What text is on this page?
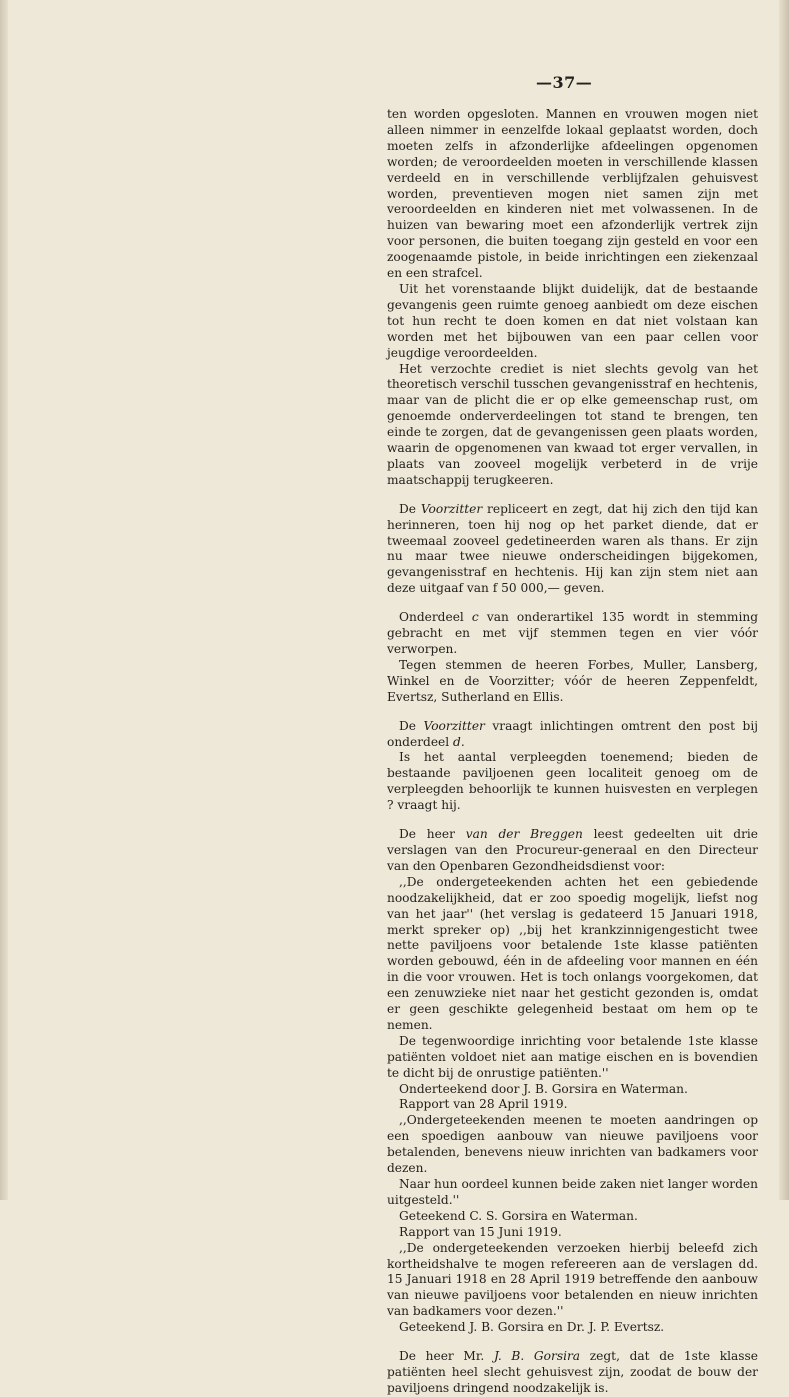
—37—

ten worden opgesloten. Mannen en vrouwen mogen niet alleen nimmer in eenzelfde lokaal geplaatst worden, doch moeten zelfs in afzonderlijke afdeelingen opgenomen worden; de veroordeelden moeten in verschillende klassen verdeeld en in verschillende verblijfzalen gehuisvest worden, preventieven mogen niet samen zijn met veroordeelden en kinderen niet met volwassenen. In de huizen van bewaring moet een afzonderlijk vertrek zijn voor personen, die buiten toegang zijn gesteld en voor een zoogenaamde pistole, in beide inrichtingen een ziekenzaal en een strafcel.

Uit het vorenstaande blijkt duidelijk, dat de bestaande gevangenis geen ruimte genoeg aanbiedt om deze eischen tot hun recht te doen komen en dat niet volstaan kan worden met het bijbouwen van een paar cellen voor jeugdige veroordeelden.

Het verzochte crediet is niet slechts gevolg van het theoretisch verschil tusschen gevangenisstraf en hechtenis, maar van de plicht die er op elke gemeenschap rust, om genoemde onderverdeelingen tot stand te brengen, ten einde te zorgen, dat de gevangenissen geen plaats worden, waarin de opgenomenen van kwaad tot erger vervallen, in plaats van zooveel mogelijk verbeterd in de vrije maatschappij terugkeeren.

De Voorzitter repliceert en zegt, dat hij zich den tijd kan herinneren, toen hij nog op het parket diende, dat er tweemaal zooveel gedetineerden waren als thans. Er zijn nu maar twee nieuwe onderscheidingen bijgekomen, gevangenisstraf en hechtenis. Hij kan zijn stem niet aan deze uitgaaf van f 50 000,— geven.

Onderdeel c van onderartikel 135 wordt in stemming gebracht en met vijf stemmen tegen en vier vóór verworpen.

Tegen stemmen de heeren Forbes, Muller, Lansberg, Winkel en de Voorzitter; vóór de heeren Zeppenfeldt, Evertsz, Sutherland en Ellis.

De Voorzitter vraagt inlichtingen omtrent den post bij onderdeel d.

Is het aantal verpleegden toenemend; bieden de bestaande paviljoenen geen localiteit genoeg om de verpleegden behoorlijk te kunnen huisvesten en verplegen ? vraagt hij.

De heer van der Breggen leest gedeelten uit drie verslagen van den Procureur-generaal en den Directeur van den Openbaren Gezondheidsdienst voor:

,,De ondergeteekenden achten het een gebiedende noodzakelijkheid, dat er zoo spoedig mogelijk, liefst nog van het jaar'' (het verslag is gedateerd 15 Januari 1918, merkt spreker op) ,,bij het krankzinnigengesticht twee nette paviljoens voor betalende 1ste klasse patiënten worden gebouwd, één in de afdeeling voor mannen en één in die voor vrouwen. Het is toch onlangs voorgekomen, dat een zenuwzieke niet naar het gesticht gezonden is, omdat er geen geschikte gelegenheid bestaat om hem op te nemen.

De tegenwoordige inrichting voor betalende 1ste klasse patiënten voldoet niet aan matige eischen en is bovendien te dicht bij de onrustige patiënten.''

Onderteekend door J. B. Gorsira en Waterman.

Rapport van 28 April 1919.

,,Ondergeteekenden meenen te moeten aandringen op een spoedigen aanbouw van nieuwe paviljoens voor betalenden, benevens nieuw inrichten van badkamers voor dezen.

Naar hun oordeel kunnen beide zaken niet langer worden uitgesteld.''

Geteekend C. S. Gorsira en Waterman.

Rapport van 15 Juni 1919.

,,De ondergeteekenden verzoeken hierbij beleefd zich kortheidshalve te mogen refereeren aan de verslagen dd. 15 Januari 1918 en 28 April 1919 betreffende den aanbouw van nieuwe paviljoens voor betalenden en nieuw inrichten van badkamers voor dezen.''

Geteekend J. B. Gorsira en Dr. J. P. Evertsz.

De heer Mr. J. B. Gorsira zegt, dat de 1ste klasse patiënten heel slecht gehuisvest zijn, zoodat de bouw der paviljoens dringend noodzakelijk is.
